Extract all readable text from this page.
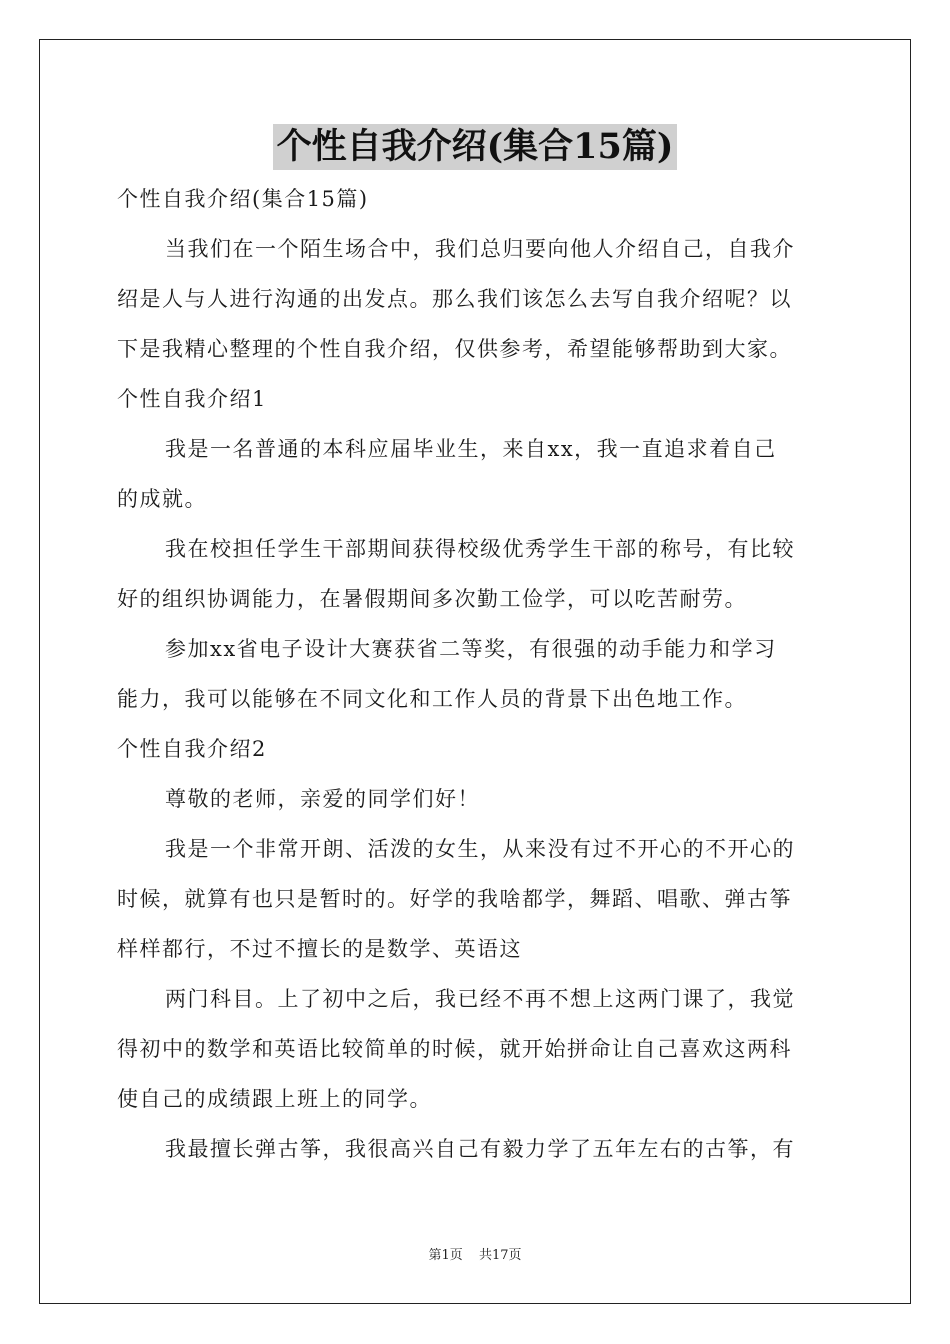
个性自我介绍(集合15篇)
个性自我介绍(集合15篇)
当我们在一个陌生场合中，我们总归要向他人介绍自己，自我介
绍是人与人进行沟通的出发点。那么我们该怎么去写自我介绍呢？以
下是我精心整理的个性自我介绍，仅供参考，希望能够帮助到大家。
个性自我介绍1
我是一名普通的本科应届毕业生，来自xx，我一直追求着自己
的成就。
我在校担任学生干部期间获得校级优秀学生干部的称号，有比较
好的组织协调能力，在暑假期间多次勤工俭学，可以吃苦耐劳。
参加xx省电子设计大赛获省二等奖，有很强的动手能力和学习
能力，我可以能够在不同文化和工作人员的背景下出色地工作。
个性自我介绍2
尊敬的老师，亲爱的同学们好！
我是一个非常开朗、活泼的女生，从来没有过不开心的不开心的
时候，就算有也只是暂时的。好学的我啥都学，舞蹈、唱歌、弹古筝
样样都行，不过不擅长的是数学、英语这
两门科目。上了初中之后，我已经不再不想上这两门课了，我觉
得初中的数学和英语比较简单的时候，就开始拼命让自己喜欢这两科
使自己的成绩跟上班上的同学。
我最擅长弹古筝，我很高兴自己有毅力学了五年左右的古筝，有
第1页 共17页
